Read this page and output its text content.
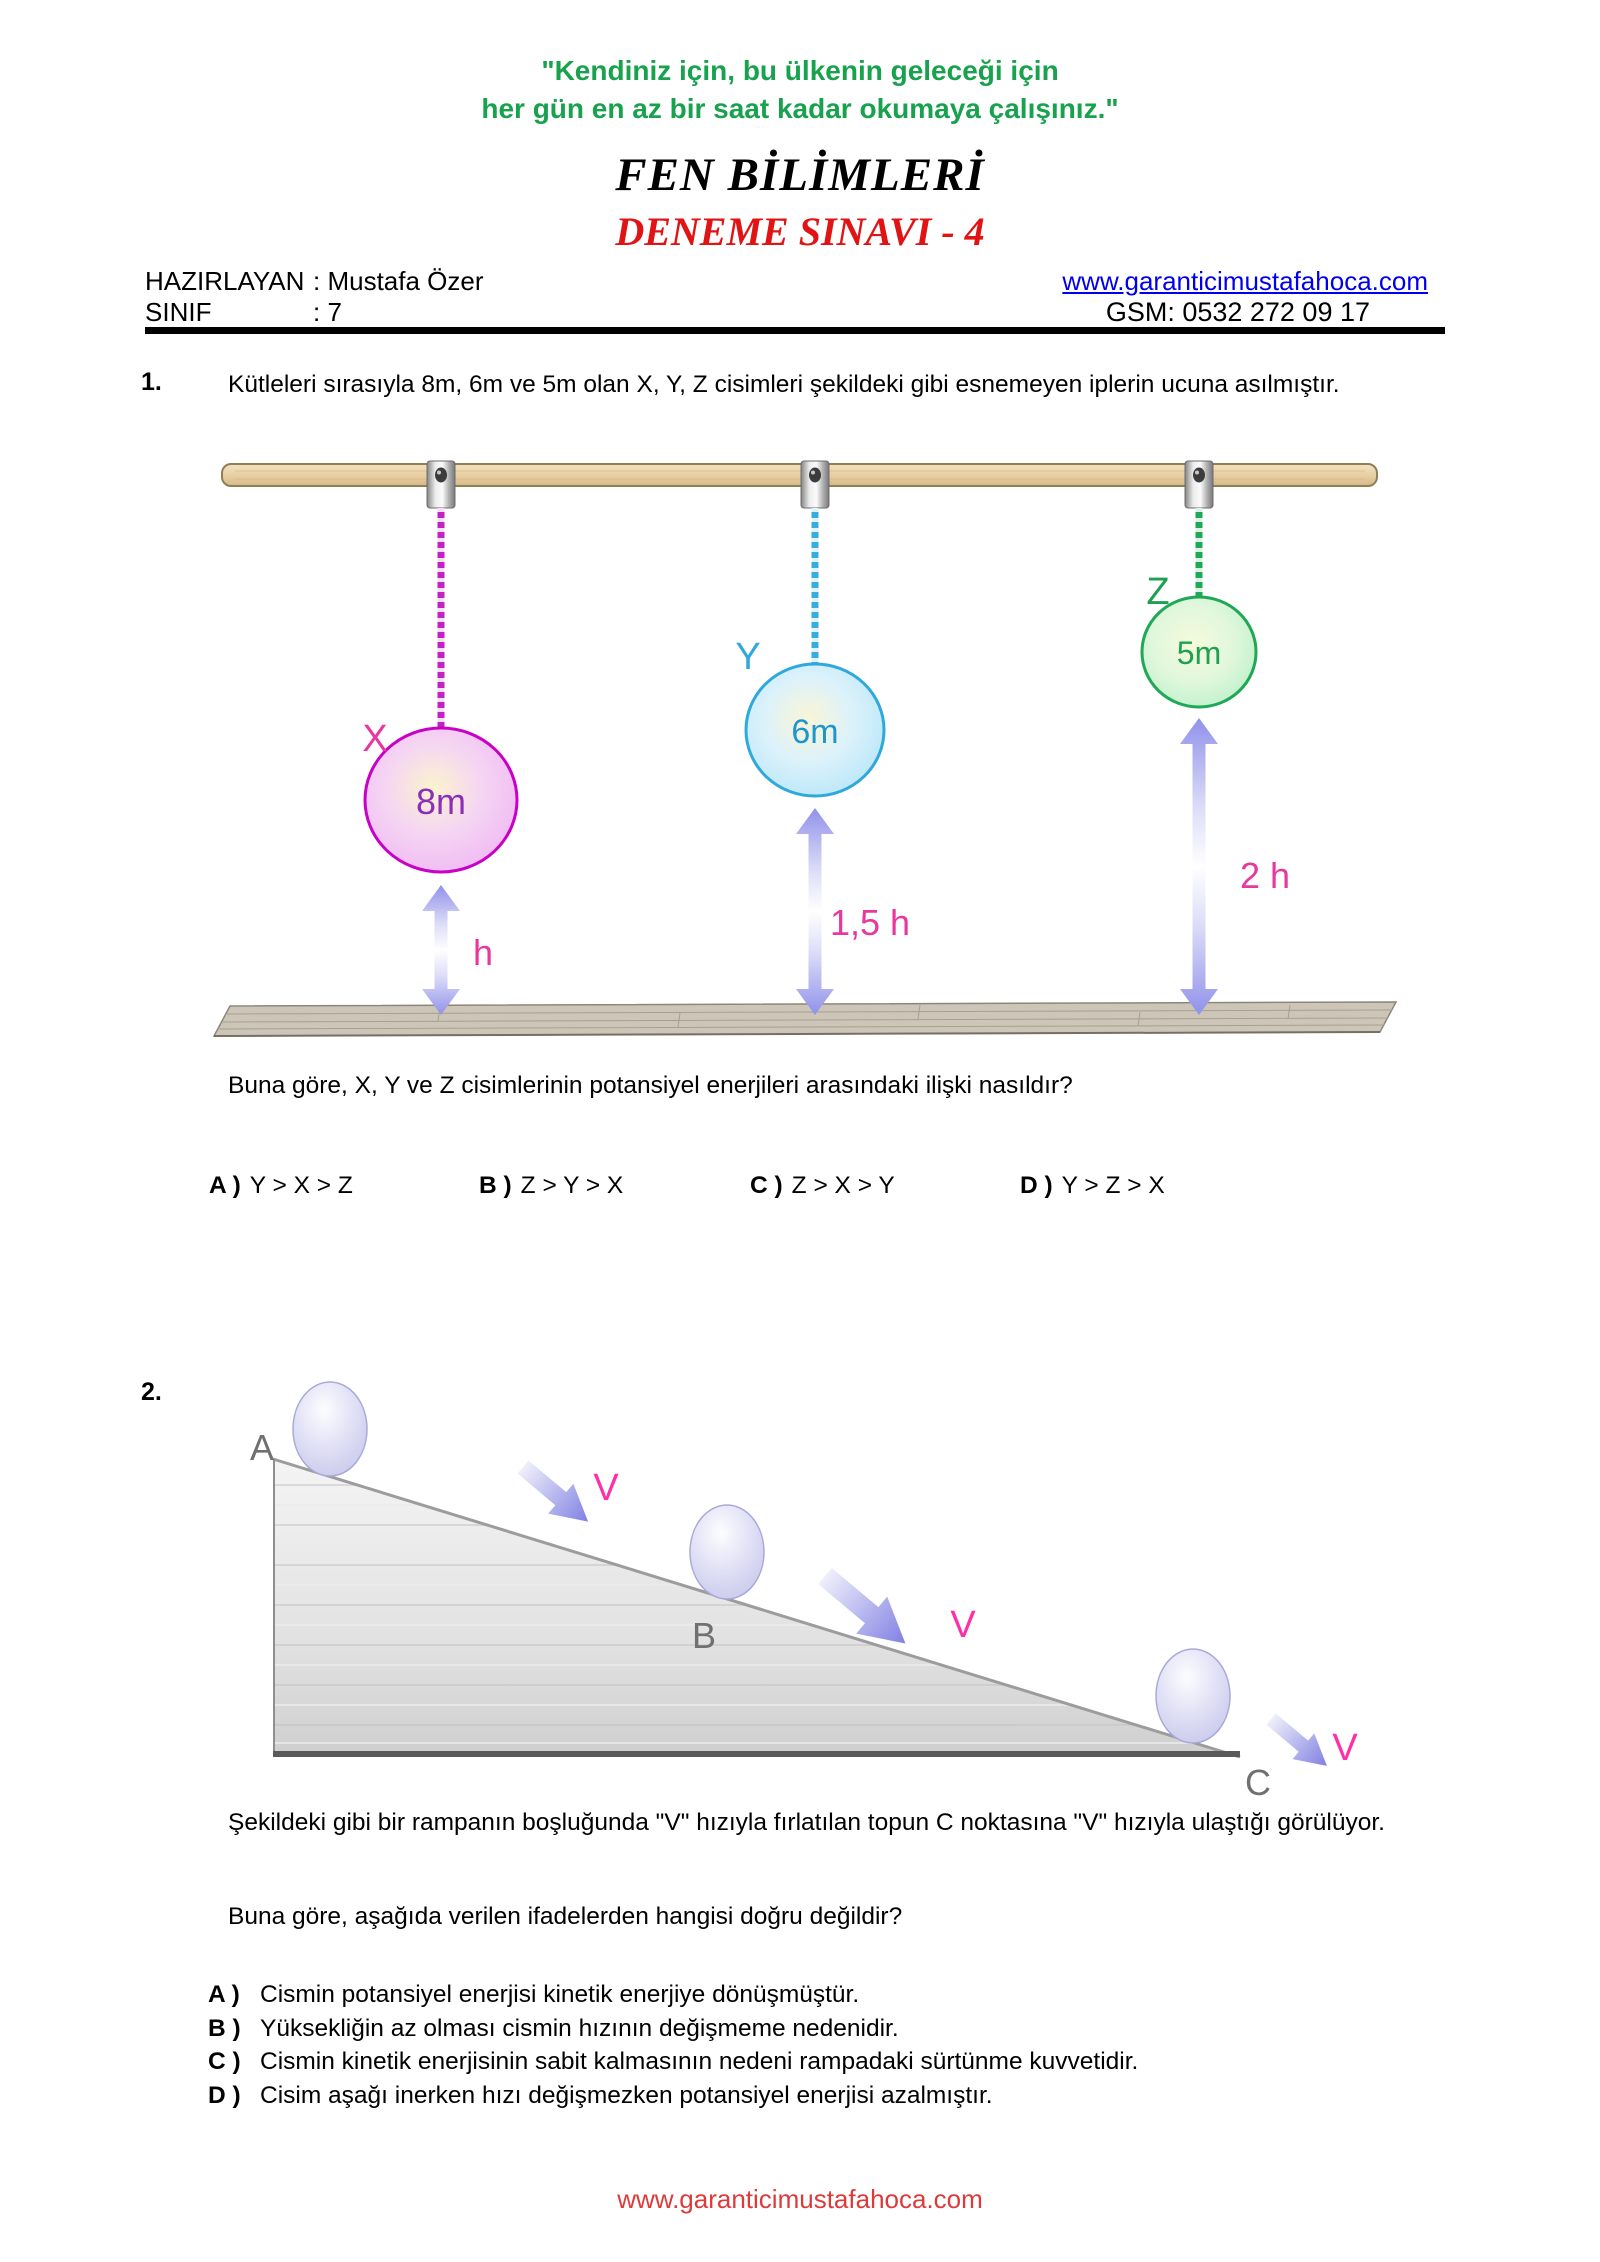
"Kendiniz için, bu ülkenin geleceği için
her gün en az bir saat kadar okumaya çalışınız."
FEN BİLİMLERİ
DENEME SINAVI - 4
HAZIRLAYAN : Mustafa Özer
SINIF	: 7
www.garanticimustafahoca.com
GSM: 0532 272 09 17
1.	Kütleleri sırasıyla 8m, 6m ve 5m olan X, Y, Z cisimleri şekildeki gibi esnemeyen iplerin ucuna asılmıştır.
X
Y
Z
8m
6m
5m
h
1,5 h
2 h
Buna göre, X, Y ve Z cisimlerinin potansiyel enerjileri arasındaki ilişki nasıldır?
A ) Y > X > Z	B ) Z > Y > X	C ) Z > X > Y	D ) Y > Z > X
2.
A
B
C
V
V
V
Şekildeki gibi bir rampanın boşluğunda "V" hızıyla fırlatılan topun C noktasına "V" hızıyla ulaştığı görülüyor.
Buna göre, aşağıda verilen ifadelerden hangisi doğru değildir?
A ) Cismin potansiyel enerjisi kinetik enerjiye dönüşmüştür.
B ) Yüksekliğin az olması cismin hızının değişmeme nedenidir.
C ) Cismin kinetik enerjisinin sabit kalmasının nedeni rampadaki sürtünme kuvvetidir.
D ) Cisim aşağı inerken hızı değişmezken potansiyel enerjisi azalmıştır.
www.garanticimustafahoca.com
